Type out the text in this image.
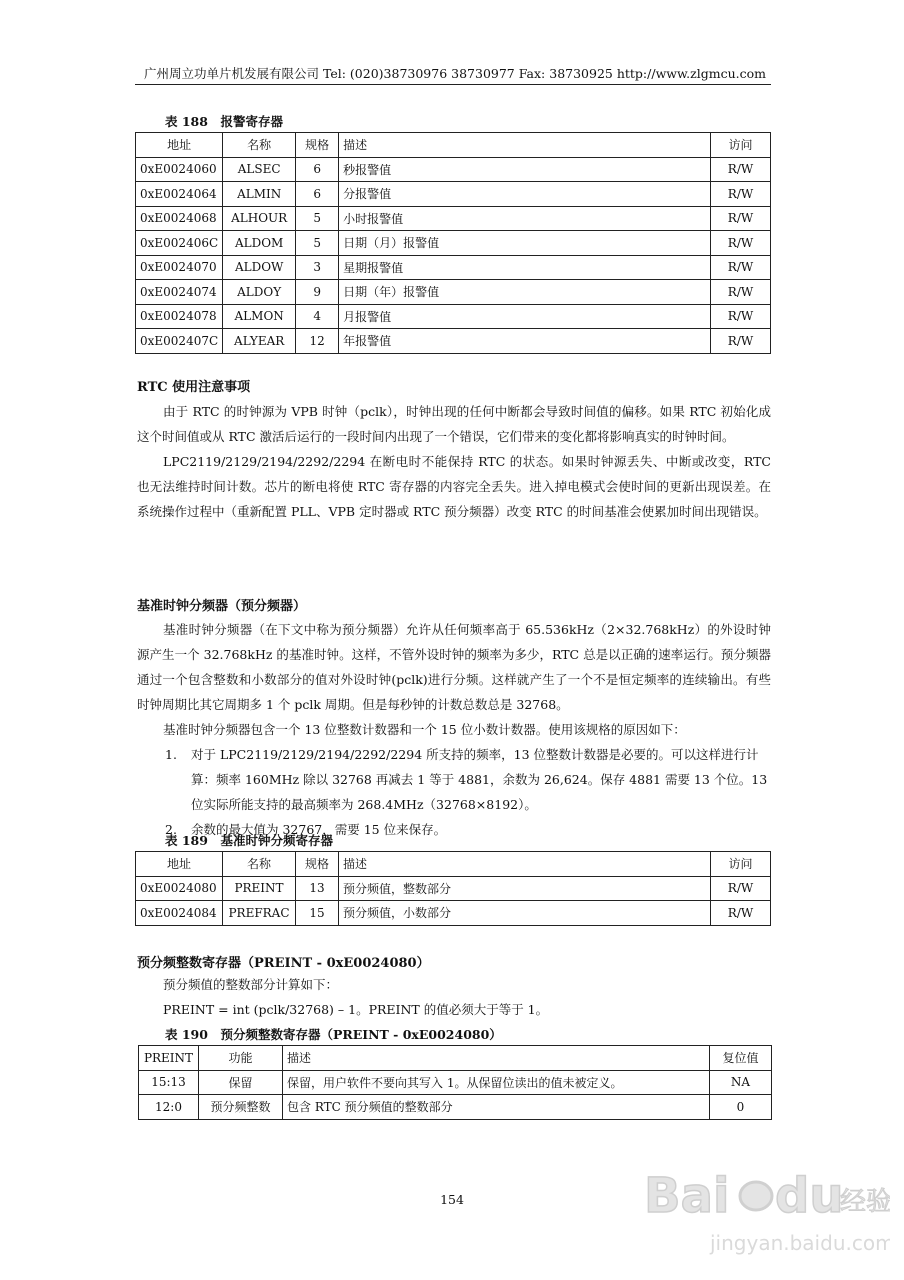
广州周立功单片机发展有限公司 Tel: (020)38730976 38730977 Fax: 38730925 http://www.zlgmcu.com
表 188　报警寄存器
地址	名称	规格	描述	访问
0xE0024060	ALSEC	6	秒报警值	R/W
0xE0024064	ALMIN	6	分报警值	R/W
0xE0024068	ALHOUR	5	小时报警值	R/W
0xE002406C	ALDOM	5	日期（月）报警值	R/W
0xE0024070	ALDOW	3	星期报警值	R/W
0xE0024074	ALDOY	9	日期（年）报警值	R/W
0xE0024078	ALMON	4	月报警值	R/W
0xE002407C	ALYEAR	12	年报警值	R/W
RTC 使用注意事项
由于 RTC 的时钟源为 VPB 时钟（pclk），时钟出现的任何中断都会导致时间值的偏移。如果 RTC 初始化成这个时间值或从 RTC 激活后运行的一段时间内出现了一个错误，它们带来的变化都将影响真实的时钟时间。
LPC2119/2129/2194/2292/2294 在断电时不能保持 RTC 的状态。如果时钟源丢失、中断或改变，RTC 也无法维持时间计数。芯片的断电将使 RTC 寄存器的内容完全丢失。进入掉电模式会使时间的更新出现误差。在系统操作过程中（重新配置 PLL、VPB 定时器或 RTC 预分频器）改变 RTC 的时间基准会使累加时间出现错误。
基准时钟分频器（预分频器）
基准时钟分频器（在下文中称为预分频器）允许从任何频率高于 65.536kHz（2×32.768kHz）的外设时钟源产生一个 32.768kHz 的基准时钟。这样，不管外设时钟的频率为多少，RTC 总是以正确的速率运行。预分频器通过一个包含整数和小数部分的值对外设时钟(pclk)进行分频。这样就产生了一个不是恒定频率的连续输出。有些时钟周期比其它周期多 1 个 pclk 周期。但是每秒钟的计数总数总是 32768。
基准时钟分频器包含一个 13 位整数计数器和一个 15 位小数计数器。使用该规格的原因如下：
1.	对于 LPC2119/2129/2194/2292/2294 所支持的频率，13 位整数计数器是必要的。可以这样进行计算：频率 160MHz 除以 32768 再减去 1 等于 4881，余数为 26,624。保存 4881 需要 13 个位。13 位实际所能支持的最高频率为 268.4MHz（32768×8192）。
2.	余数的最大值为 32767，需要 15 位来保存。
表 189　基准时钟分频寄存器
地址	名称	规格	描述	访问
0xE0024080	PREINT	13	预分频值，整数部分	R/W
0xE0024084	PREFRAC	15	预分频值，小数部分	R/W
预分频整数寄存器（PREINT - 0xE0024080）
预分频值的整数部分计算如下：
PREINT = int (pclk/32768) – 1。PREINT 的值必须大于等于 1。
表 190　预分频整数寄存器（PREINT - 0xE0024080）
PREINT	功能	描述	复位值
15:13	保留	保留，用户软件不要向其写入 1。从保留位读出的值未被定义。	NA
12:0	预分频整数	包含 RTC 预分频值的整数部分	0
154	Bai du
经验
jingyan.baidu.com
